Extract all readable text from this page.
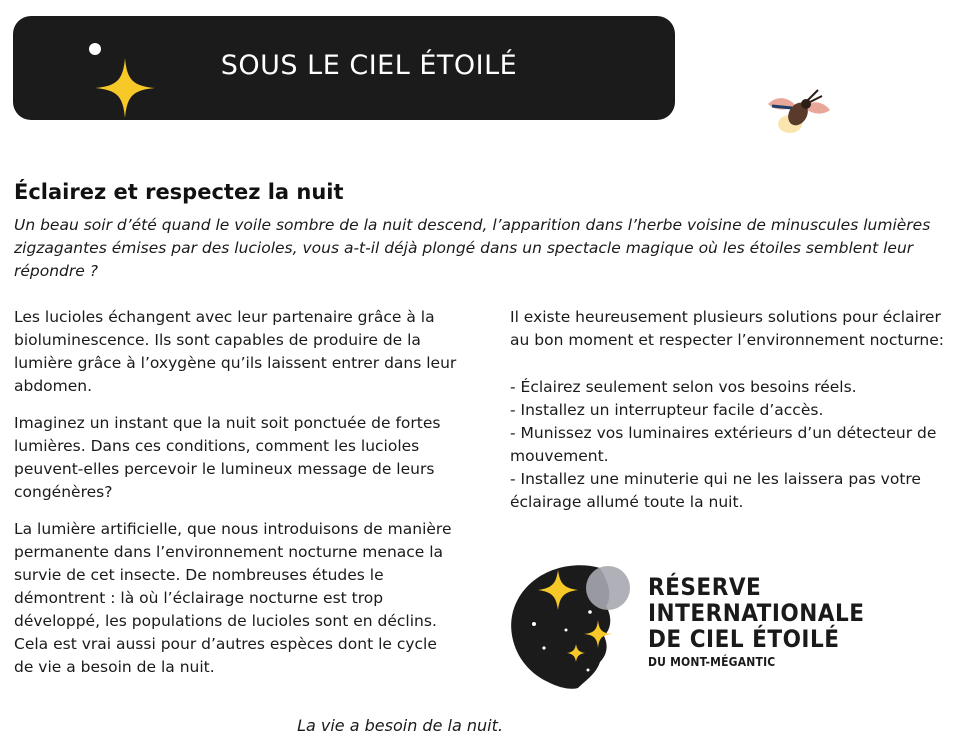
SOUS LE CIEL ÉTOILÉ
Éclairez et respectez la nuit

Un beau soir d’été quand le voile sombre de la nuit descend, l’apparition dans l’herbe voisine de minuscules lumières zigzagantes émises par des lucioles, vous a-t-il déjà plongé dans un spectacle magique où les étoiles semblent leur répondre ?

Les lucioles échangent avec leur partenaire grâce à la bioluminescence. Ils sont capables de produire de la lumière grâce à l’oxygène qu’ils laissent entrer dans leur abdomen.

Imaginez un instant que la nuit soit ponctuée de fortes lumières. Dans ces conditions, comment les lucioles peuvent-elles percevoir le lumineux message de leurs congénères?

La lumière artificielle, que nous introduisons de manière permanente dans l’environnement nocturne menace la survie de cet insecte. De nombreuses études le démontrent : là où l’éclairage nocturne est trop développé, les populations de lucioles sont en déclins. Cela est vrai aussi pour d’autres espèces dont le cycle de vie a besoin de la nuit.

Il existe heureusement plusieurs solutions pour éclairer au bon moment et respecter l’environnement nocturne:

- Éclairez seulement selon vos besoins réels.
- Installez un interrupteur facile d’accès.
- Munissez vos luminaires extérieurs d’un détecteur de mouvement.
- Installez une minuterie qui ne les laissera pas votre éclairage allumé toute la nuit.
RÉSERVE
INTERNATIONALE
DE CIEL ÉTOILÉ
DU MONT-MÉGANTIC
La vie a besoin de la nuit.
